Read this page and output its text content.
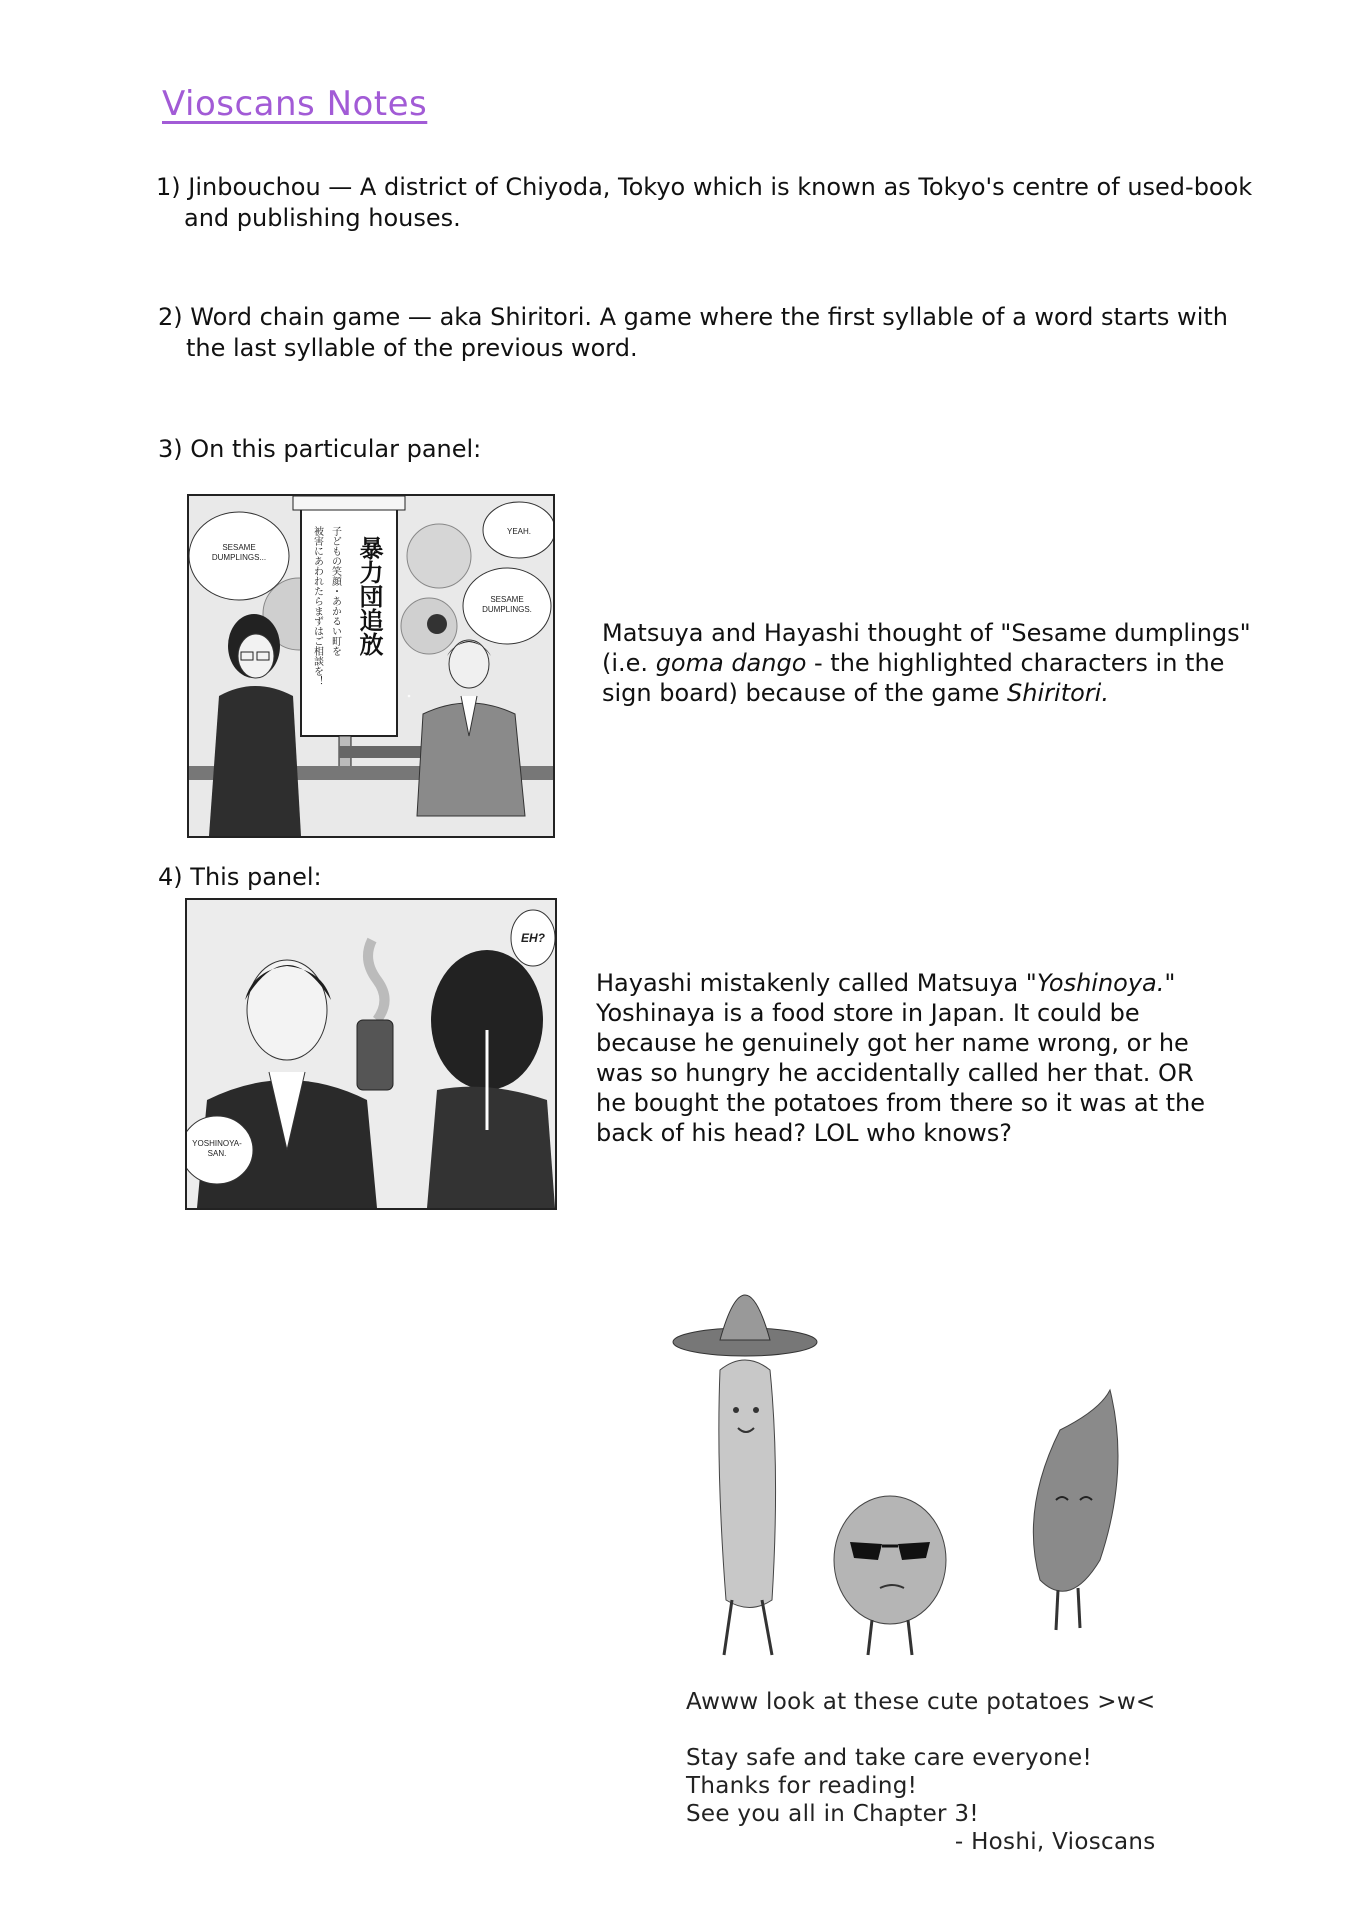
Vioscans Notes
1) Jinbouchou — A district of Chiyoda, Tokyo which is known as Tokyo's centre of used-book
and publishing houses.
2) Word chain game — aka Shiritori. A game where the first syllable of a word starts with
the last syllable of the previous word.
3) On this particular panel:
暴力団追放
子どもの笑顔・あかるい町を
被害にあわれたらまずはご相談を！
SESAME
DUMPLINGS...
YEAH.
SESAME
DUMPLINGS.
Matsuya and Hayashi thought of "Sesame dumplings"
(i.e. goma dango - the highlighted characters in the
sign board) because of the game Shiritori.
4) This panel:
EH?
YOSHINOYA-
SAN.
Hayashi mistakenly called Matsuya "Yoshinoya."
Yoshinaya is a food store in Japan. It could be
because he genuinely got her name wrong, or he
was so hungry he accidentally called her that. OR
he bought the potatoes from there so it was at the
back of his head? LOL who knows?
Awww look at these cute potatoes >w<
Stay safe and take care everyone!
Thanks for reading!
See you all in Chapter 3!
- Hoshi, Vioscans
